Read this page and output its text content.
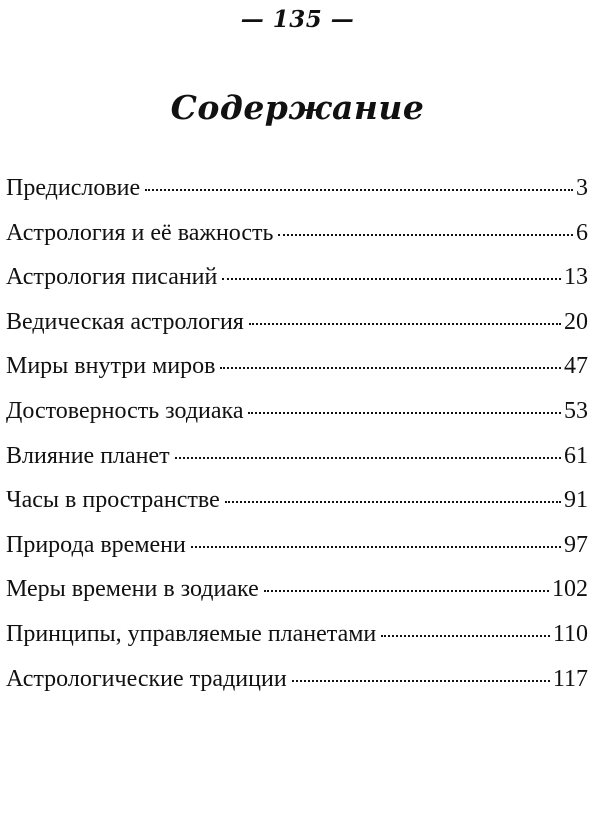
— 135 —
Содержание
Предисловие	3
Астрология и её важность	6
Астрология писаний	13
Ведическая астрология	20
Миры внутри миров	47
Достоверность зодиака	53
Влияние планет	61
Часы в пространстве	91
Природа времени	97
Меры времени в зодиаке	102
Принципы, управляемые планетами	110
Астрологические традиции	117
